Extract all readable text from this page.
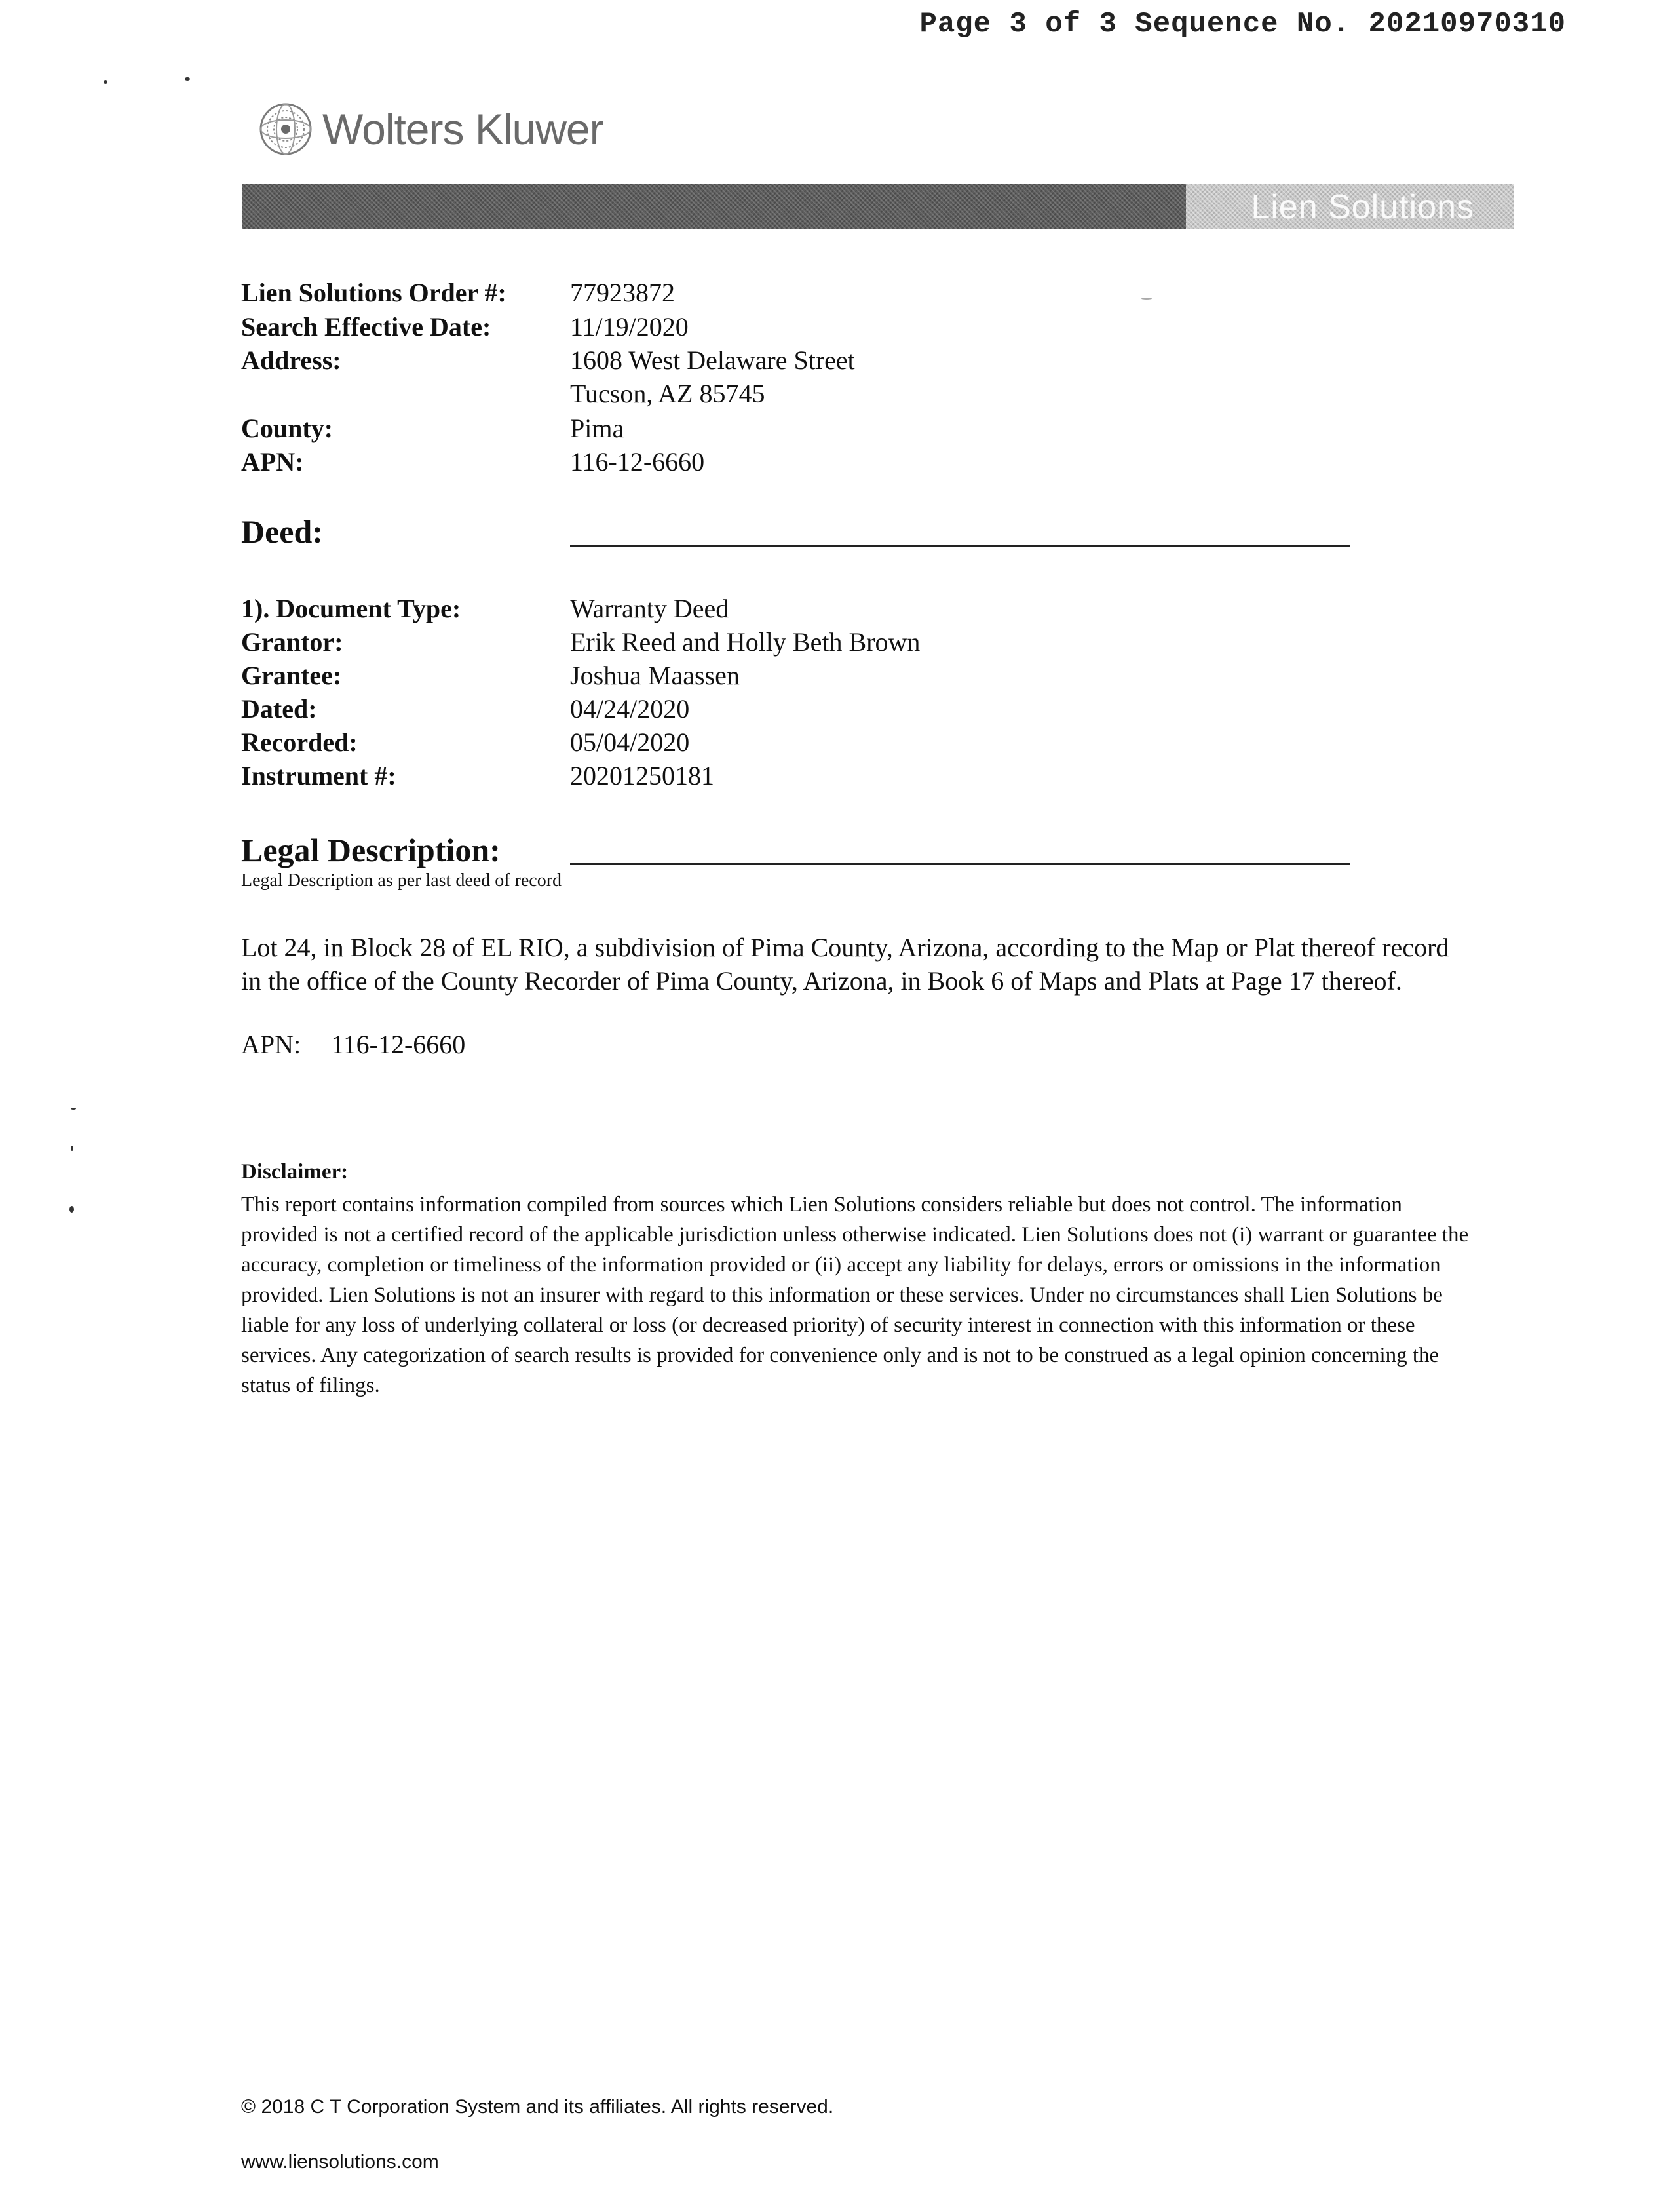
Page 3 of 3 Sequence No. 20210970310
Wolters Kluwer
Lien Solutions
Lien Solutions Order #: 77923872
Search Effective Date:	11/19/2020
Address:	1608 West Delaware Street
Tucson, AZ 85745
County:	Pima
APN:	116-12-6660
Deed:
1). Document Type:	Warranty Deed
Grantor:	Erik Reed and Holly Beth Brown
Grantee:	Joshua Maassen
Dated:	04/24/2020
Recorded:	05/04/2020
Instrument #:	20201250181
Legal Description:
Legal Description as per last deed of record
Lot 24, in Block 28 of EL RIO, a subdivision of Pima County, Arizona, according to the Map or Plat thereof record in the office of the County Recorder of Pima County, Arizona, in Book 6 of Maps and Plats at Page 17 thereof.
APN: 116-12-6660
Disclaimer:
This report contains information compiled from sources which Lien Solutions considers reliable but does not control. The information provided is not a certified record of the applicable jurisdiction unless otherwise indicated. Lien Solutions does not (i) warrant or guarantee the accuracy, completion or timeliness of the information provided or (ii) accept any liability for delays, errors or omissions in the information provided. Lien Solutions is not an insurer with regard to this information or these services. Under no circumstances shall Lien Solutions be liable for any loss of underlying collateral or loss (or decreased priority) of security interest in connection with this information or these services. Any categorization of search results is provided for convenience only and is not to be construed as a legal opinion concerning the status of filings.
© 2018 C T Corporation System and its affiliates. All rights reserved.
www.liensolutions.com
